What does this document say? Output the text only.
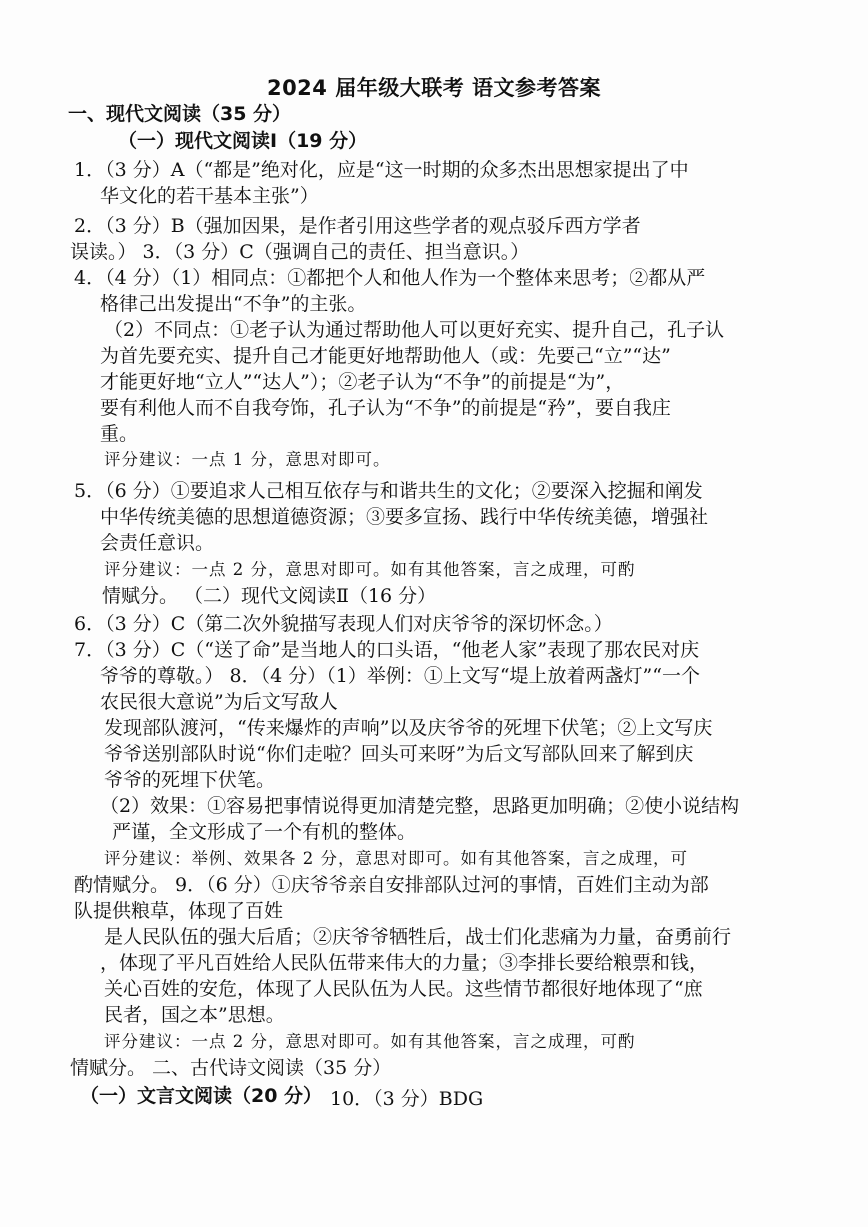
2024 届年级大联考 语文参考答案
一、现代文阅读（35 分）
（一）现代文阅读Ⅰ（19 分）
1．（3 分）A（“都是”绝对化，应是“这一时期的众多杰出思想家提出了中
华文化的若干基本主张”）
2．（3 分）B（强加因果，是作者引用这些学者的观点驳斥西方学者
误读。） 3．（3 分）C（强调自己的责任、担当意识。）
4．（4 分）（1）相同点：①都把个人和他人作为一个整体来思考；②都从严
格律己出发提出“不争”的主张。
（2）不同点：①老子认为通过帮助他人可以更好充实、提升自己，孔子认
为首先要充实、提升自己才能更好地帮助他人（或：先要己“立”“达”
才能更好地“立人”“达人”）；②老子认为“不争”的前提是“为”，
要有利他人而不自我夸饰，孔子认为“不争”的前提是“矜”，要自我庄
重。
评分建议：一点 1 分，意思对即可。
5．（6 分）①要追求人己相互依存与和谐共生的文化；②要深入挖掘和阐发
中华传统美德的思想道德资源；③要多宣扬、践行中华传统美德，增强社
会责任意识。
评分建议：一点 2 分，意思对即可。如有其他答案，言之成理，可酌
情赋分。 （二）现代文阅读Ⅱ（16 分）
6．（3 分）C（第二次外貌描写表现人们对庆爷爷的深切怀念。）
7．（3 分）C（“送了命”是当地人的口头语，“他老人家”表现了那农民对庆
爷爷的尊敬。） 8．（4 分）（1）举例：①上文写“堤上放着两盏灯”“一个
农民很大意说”为后文写敌人
发现部队渡河，“传来爆炸的声响”以及庆爷爷的死埋下伏笔；②上文写庆
爷爷送别部队时说“你们走啦？回头可来呀”为后文写部队回来了解到庆
爷爷的死埋下伏笔。
（2）效果：①容易把事情说得更加清楚完整，思路更加明确；②使小说结构
严谨，全文形成了一个有机的整体。
评分建议：举例、效果各 2 分，意思对即可。如有其他答案，言之成理，可
酌情赋分。 9．（6 分）①庆爷爷亲自安排部队过河的事情，百姓们主动为部
队提供粮草，体现了百姓
是人民队伍的强大后盾；②庆爷爷牺牲后，战士们化悲痛为力量，奋勇前行
，体现了平凡百姓给人民队伍带来伟大的力量；③李排长要给粮票和钱，
关心百姓的安危，体现了人民队伍为人民。这些情节都很好地体现了“庶
民者，国之本”思想。
评分建议：一点 2 分，意思对即可。如有其他答案，言之成理，可酌
情赋分。 二、古代诗文阅读（35 分）
（一）文言文阅读（20 分） 10．（3 分）BDG
